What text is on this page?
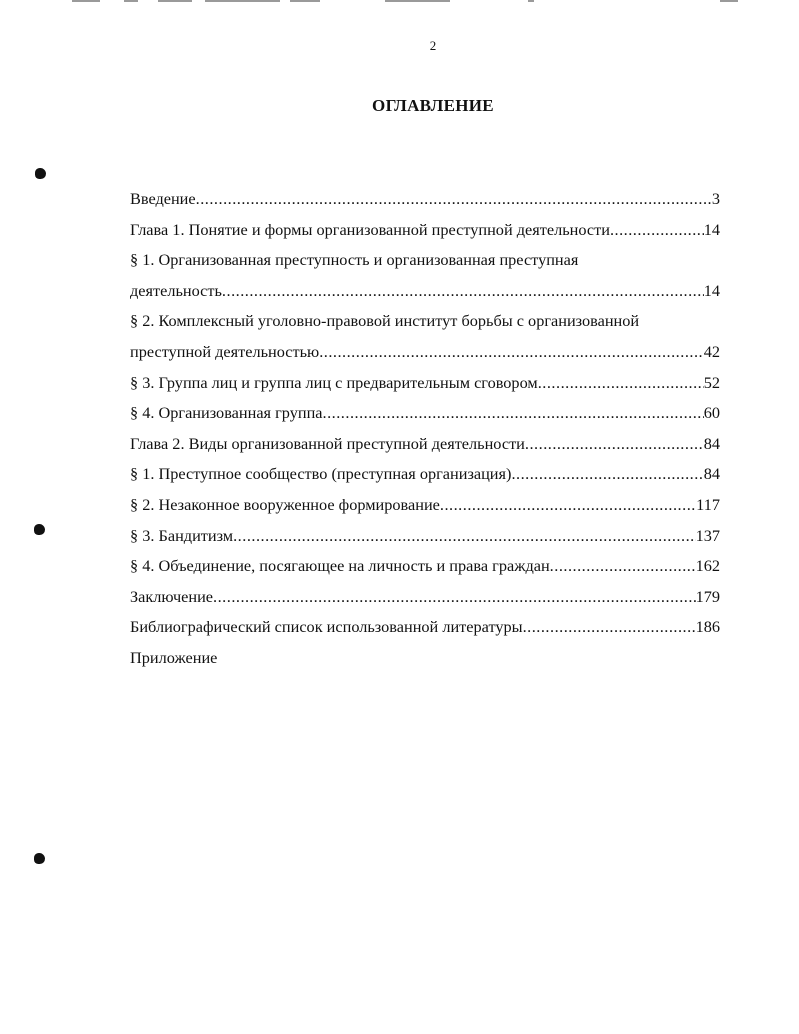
2
ОГЛАВЛЕНИЕ
Введение .....	3
Глава 1. Понятие и формы организованной преступной деятельности .....	14
§ 1. Организованная преступность и организованная преступная
деятельность .....	14
§ 2. Комплексный уголовно-правовой институт борьбы с организованной
преступной деятельностью .....	42
§ 3. Группа лиц и группа лиц с предварительным сговором .....	52
§ 4. Организованная группа .....	60
Глава 2. Виды организованной преступной деятельности .....	84
§ 1. Преступное сообщество (преступная организация) .....	84
§ 2. Незаконное вооруженное формирование .....	117
§ 3. Бандитизм .....	137
§ 4. Объединение, посягающее на личность и права граждан .....	162
Заключение .....	179
Библиографический список использованной литературы .....	186
Приложение
